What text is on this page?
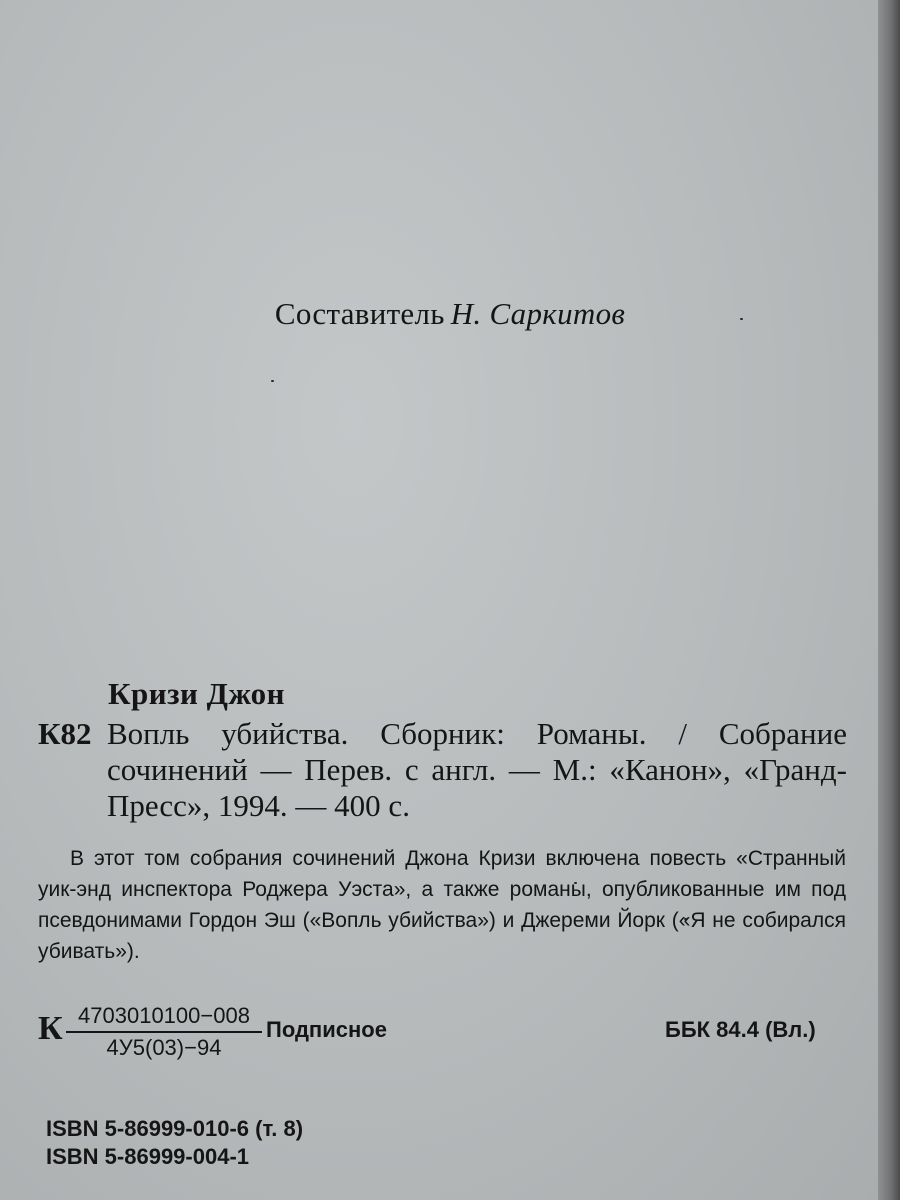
Составитель Н. Саркитов
Кризи Джон
К82 Вопль убийства. Сборник: Романы. / Собрание сочинений — Перев. с англ. — М.: «Канон», «Гранд-Пресс», 1994. — 400 с.
В этот том собрания сочинений Джона Кризи включена повесть «Странный уик-энд инспектора Роджера Уэста», а также романы, опубликованные им под псевдонимами Гордон Эш («Вопль убийства») и Джереми Йорк («Я не собирался убивать»).
К 4703010100−008
4У5(03)−94
Подписное	ББК 84.4 (Вл.)
ISBN 5-86999-010-6 (т. 8)
ISBN 5-86999-004-1
